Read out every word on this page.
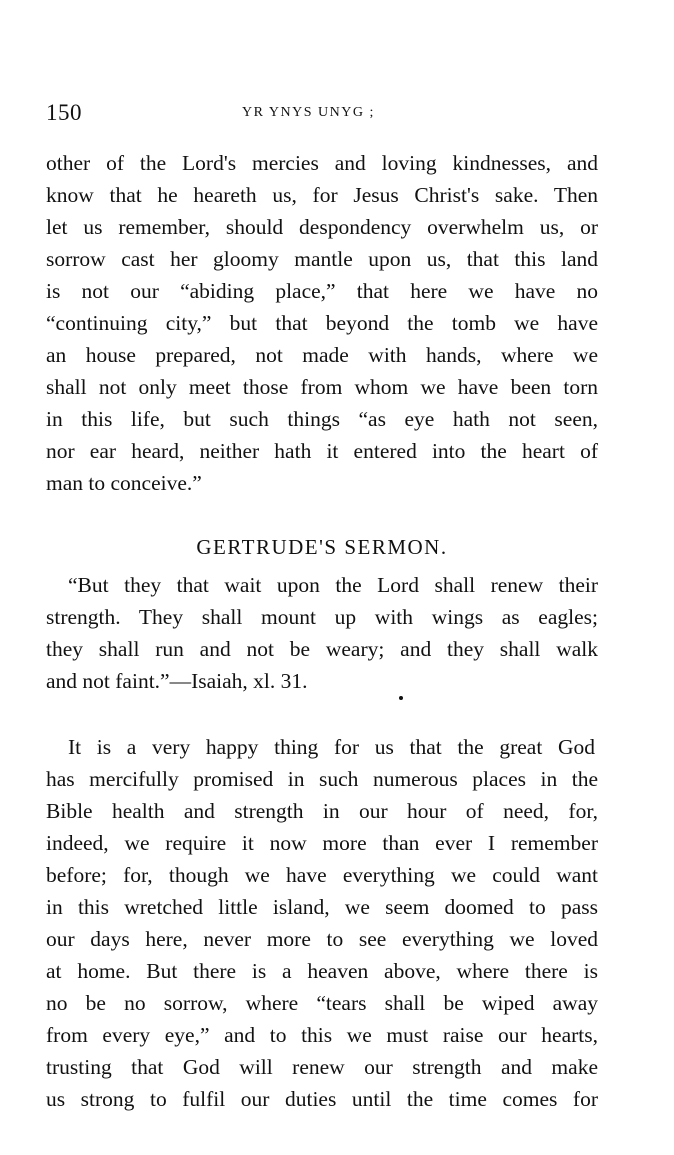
150	YR YNYS UNYG ;
other of the Lord's mercies and loving kindnesses, and
know that he heareth us, for Jesus Christ's sake. Then
let us remember, should despondency overwhelm us, or
sorrow cast her gloomy mantle upon us, that this land
is not our “abiding place,” that here we have no
“continuing city,” but that beyond the tomb we have
an house prepared, not made with hands, where we
shall not only meet those from whom we have been torn
in this life, but such things “as eye hath not seen,
nor ear heard, neither hath it entered into the heart of
man to conceive.”
GERTRUDE'S SERMON.
“But they that wait upon the Lord shall renew their
strength. They shall mount up with wings as eagles;
they shall run and not be weary; and they shall walk
and not faint.”—Isaiah, xl. 31.
It is a very happy thing for us that the great God
has mercifully promised in such numerous places in the
Bible health and strength in our hour of need, for,
indeed, we require it now more than ever I remember
before; for, though we have everything we could want
in this wretched little island, we seem doomed to pass
our days here, never more to see everything we loved
at home. But there is a heaven above, where there is
no be no sorrow, where “tears shall be wiped away
from every eye,” and to this we must raise our hearts,
trusting that God will renew our strength and make
us strong to fulfil our duties until the time comes for
